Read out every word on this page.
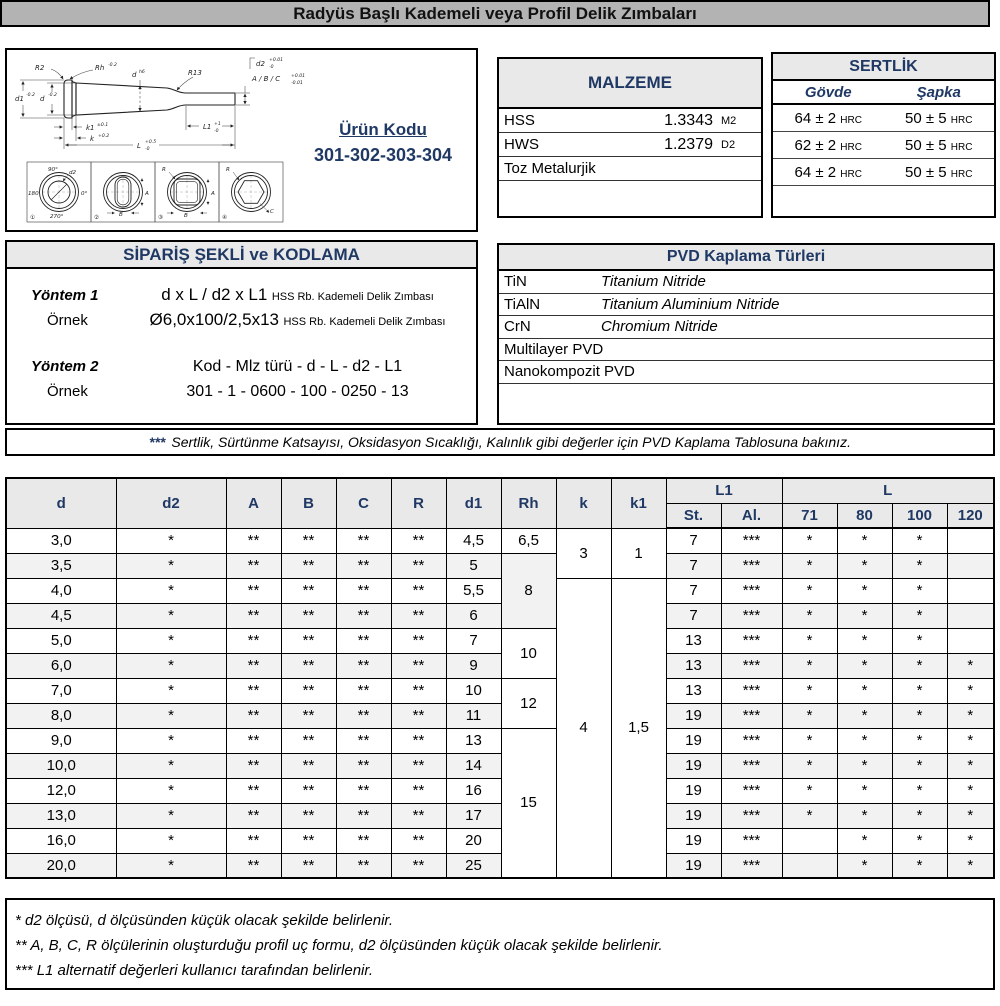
Radyüs Başlı Kademeli veya Profil Delik Zımbaları
R2	Rh -0.2
d h6	R13
d2 +0.01
-0
A / B / C +0.01
-0.01
d1 -0.2 d -0.2
k1 ±0.1
k +0.2
L1 +1
-0
L +0.5
-0
90° d2
180	0°
270°
①
A
B
②
R
A
B
③
R
C
④
Ürün Kodu
301-302-303-304
MALZEME
HSS	1.3343 M2
HWS	1.2379 D2
Toz Metalurjik
SERTLİK
Gövde	Şapka
64 ± 2 HRC	50 ± 5 HRC
62 ± 2 HRC	50 ± 5 HRC
64 ± 2 HRC	50 ± 5 HRC
SİPARİŞ ŞEKLİ ve KODLAMA
Yöntem 1	d x L / d2 x L1 HSS Rb. Kademeli Delik Zımbası
Örnek	Ø6,0x100/2,5x13 HSS Rb. Kademeli Delik Zımbası
Yöntem 2	Kod - Mlz türü - d - L - d2 - L1
Örnek	301 - 1 - 0600 - 100 - 0250 - 13
PVD Kaplama Türleri
TiN	Titanium Nitride
TiAlN	Titanium Aluminium Nitride
CrN	Chromium Nitride
Multilayer PVD
Nanokompozit PVD
*** Sertlik, Sürtünme Katsayısı, Oksidasyon Sıcaklığı, Kalınlık gibi değerler için PVD Kaplama Tablosuna bakınız.
d	d2	A	B	C	R	d1	Rh	k	k1	L1		L			
										St.	Al.	71	80	100	120
3,0	*	**	**	**	**	4,5	6,5	3	1	7	***	*	*	*	
3,5	*	**	**	**	**	5	8			7	***	*	*	*	
4,0	*	**	**	**	**	5,5		4	1,5	7	***	*	*	*	
4,5	*	**	**	**	**	6				7	***	*	*	*	
5,0	*	**	**	**	**	7	10			13	***	*	*	*	
6,0	*	**	**	**	**	9				13	***	*	*	*	*
7,0	*	**	**	**	**	10	12			13	***	*	*	*	*
8,0	*	**	**	**	**	11				19	***	*	*	*	*
9,0	*	**	**	**	**	13	15			19	***	*	*	*	*
10,0	*	**	**	**	**	14				19	***	*	*	*	*
12,0	*	**	**	**	**	16				19	***	*	*	*	*
13,0	*	**	**	**	**	17				19	***	*	*	*	*
16,0	*	**	**	**	**	20				19	***		*	*	*
20,0	*	**	**	**	**	25				19	***		*	*	*
* d2 ölçüsü, d ölçüsünden küçük olacak şekilde belirlenir.
** A, B, C, R ölçülerinin oluşturduğu profil uç formu, d2 ölçüsünden küçük olacak şekilde belirlenir.
*** L1 alternatif değerleri kullanıcı tarafından belirlenir.
